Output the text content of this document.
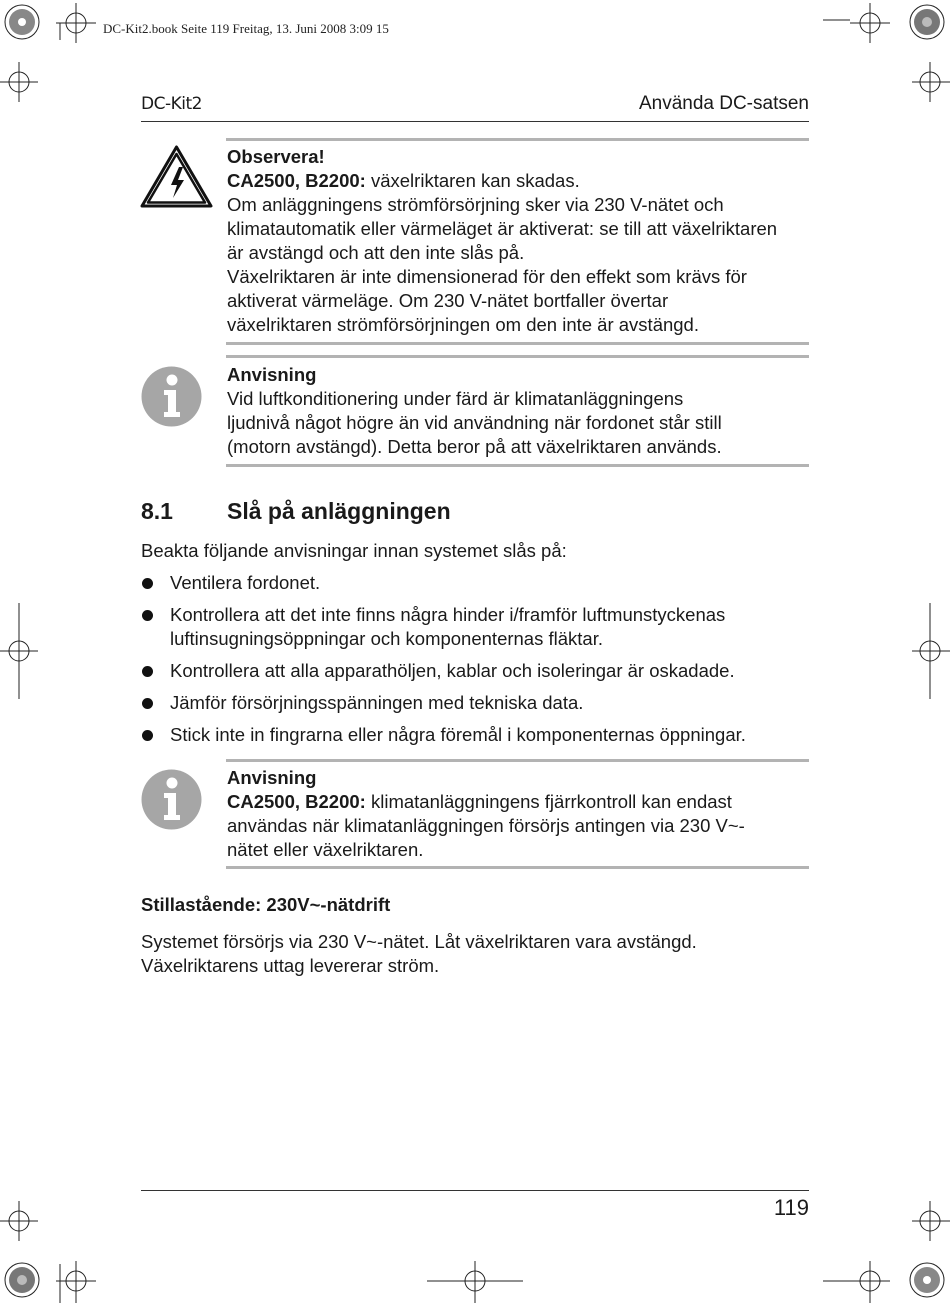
DC-Kit2.book Seite 119 Freitag, 13. Juni 2008 3:09 15
DC-Kit2	Använda DC-satsen
Observera!
CA2500, B2200: växelriktaren kan skadas.
Om anläggningens strömförsörjning sker via 230 V-nätet och
klimatautomatik eller värmeläget är aktiverat: se till att växelriktaren
är avstängd och att den inte slås på.
Växelriktaren är inte dimensionerad för den effekt som krävs för
aktiverat värmeläge. Om 230 V-nätet bortfaller övertar
växelriktaren strömförsörjningen om den inte är avstängd.
Anvisning
Vid luftkonditionering under färd är klimatanläggningens
ljudnivå något högre än vid användning när fordonet står still
(motorn avstängd). Detta beror på att växelriktaren används.
8.1 Slå på anläggningen
Beakta följande anvisningar innan systemet slås på:
Ventilera fordonet.
Kontrollera att det inte finns några hinder i/framför luftmunstyckenas
luftinsugningsöppningar och komponenternas fläktar.
Kontrollera att alla apparathöljen, kablar och isoleringar är oskadade.
Jämför försörjningsspänningen med tekniska data.
Stick inte in fingrarna eller några föremål i komponenternas öppningar.
Anvisning
CA2500, B2200: klimatanläggningens fjärrkontroll kan endast
användas när klimatanläggningen försörjs antingen via 230 V~-
nätet eller växelriktaren.
Stillastående: 230V~-nätdrift
Systemet försörjs via 230 V~-nätet. Låt växelriktaren vara avstängd.
Växelriktarens uttag levererar ström.
119
